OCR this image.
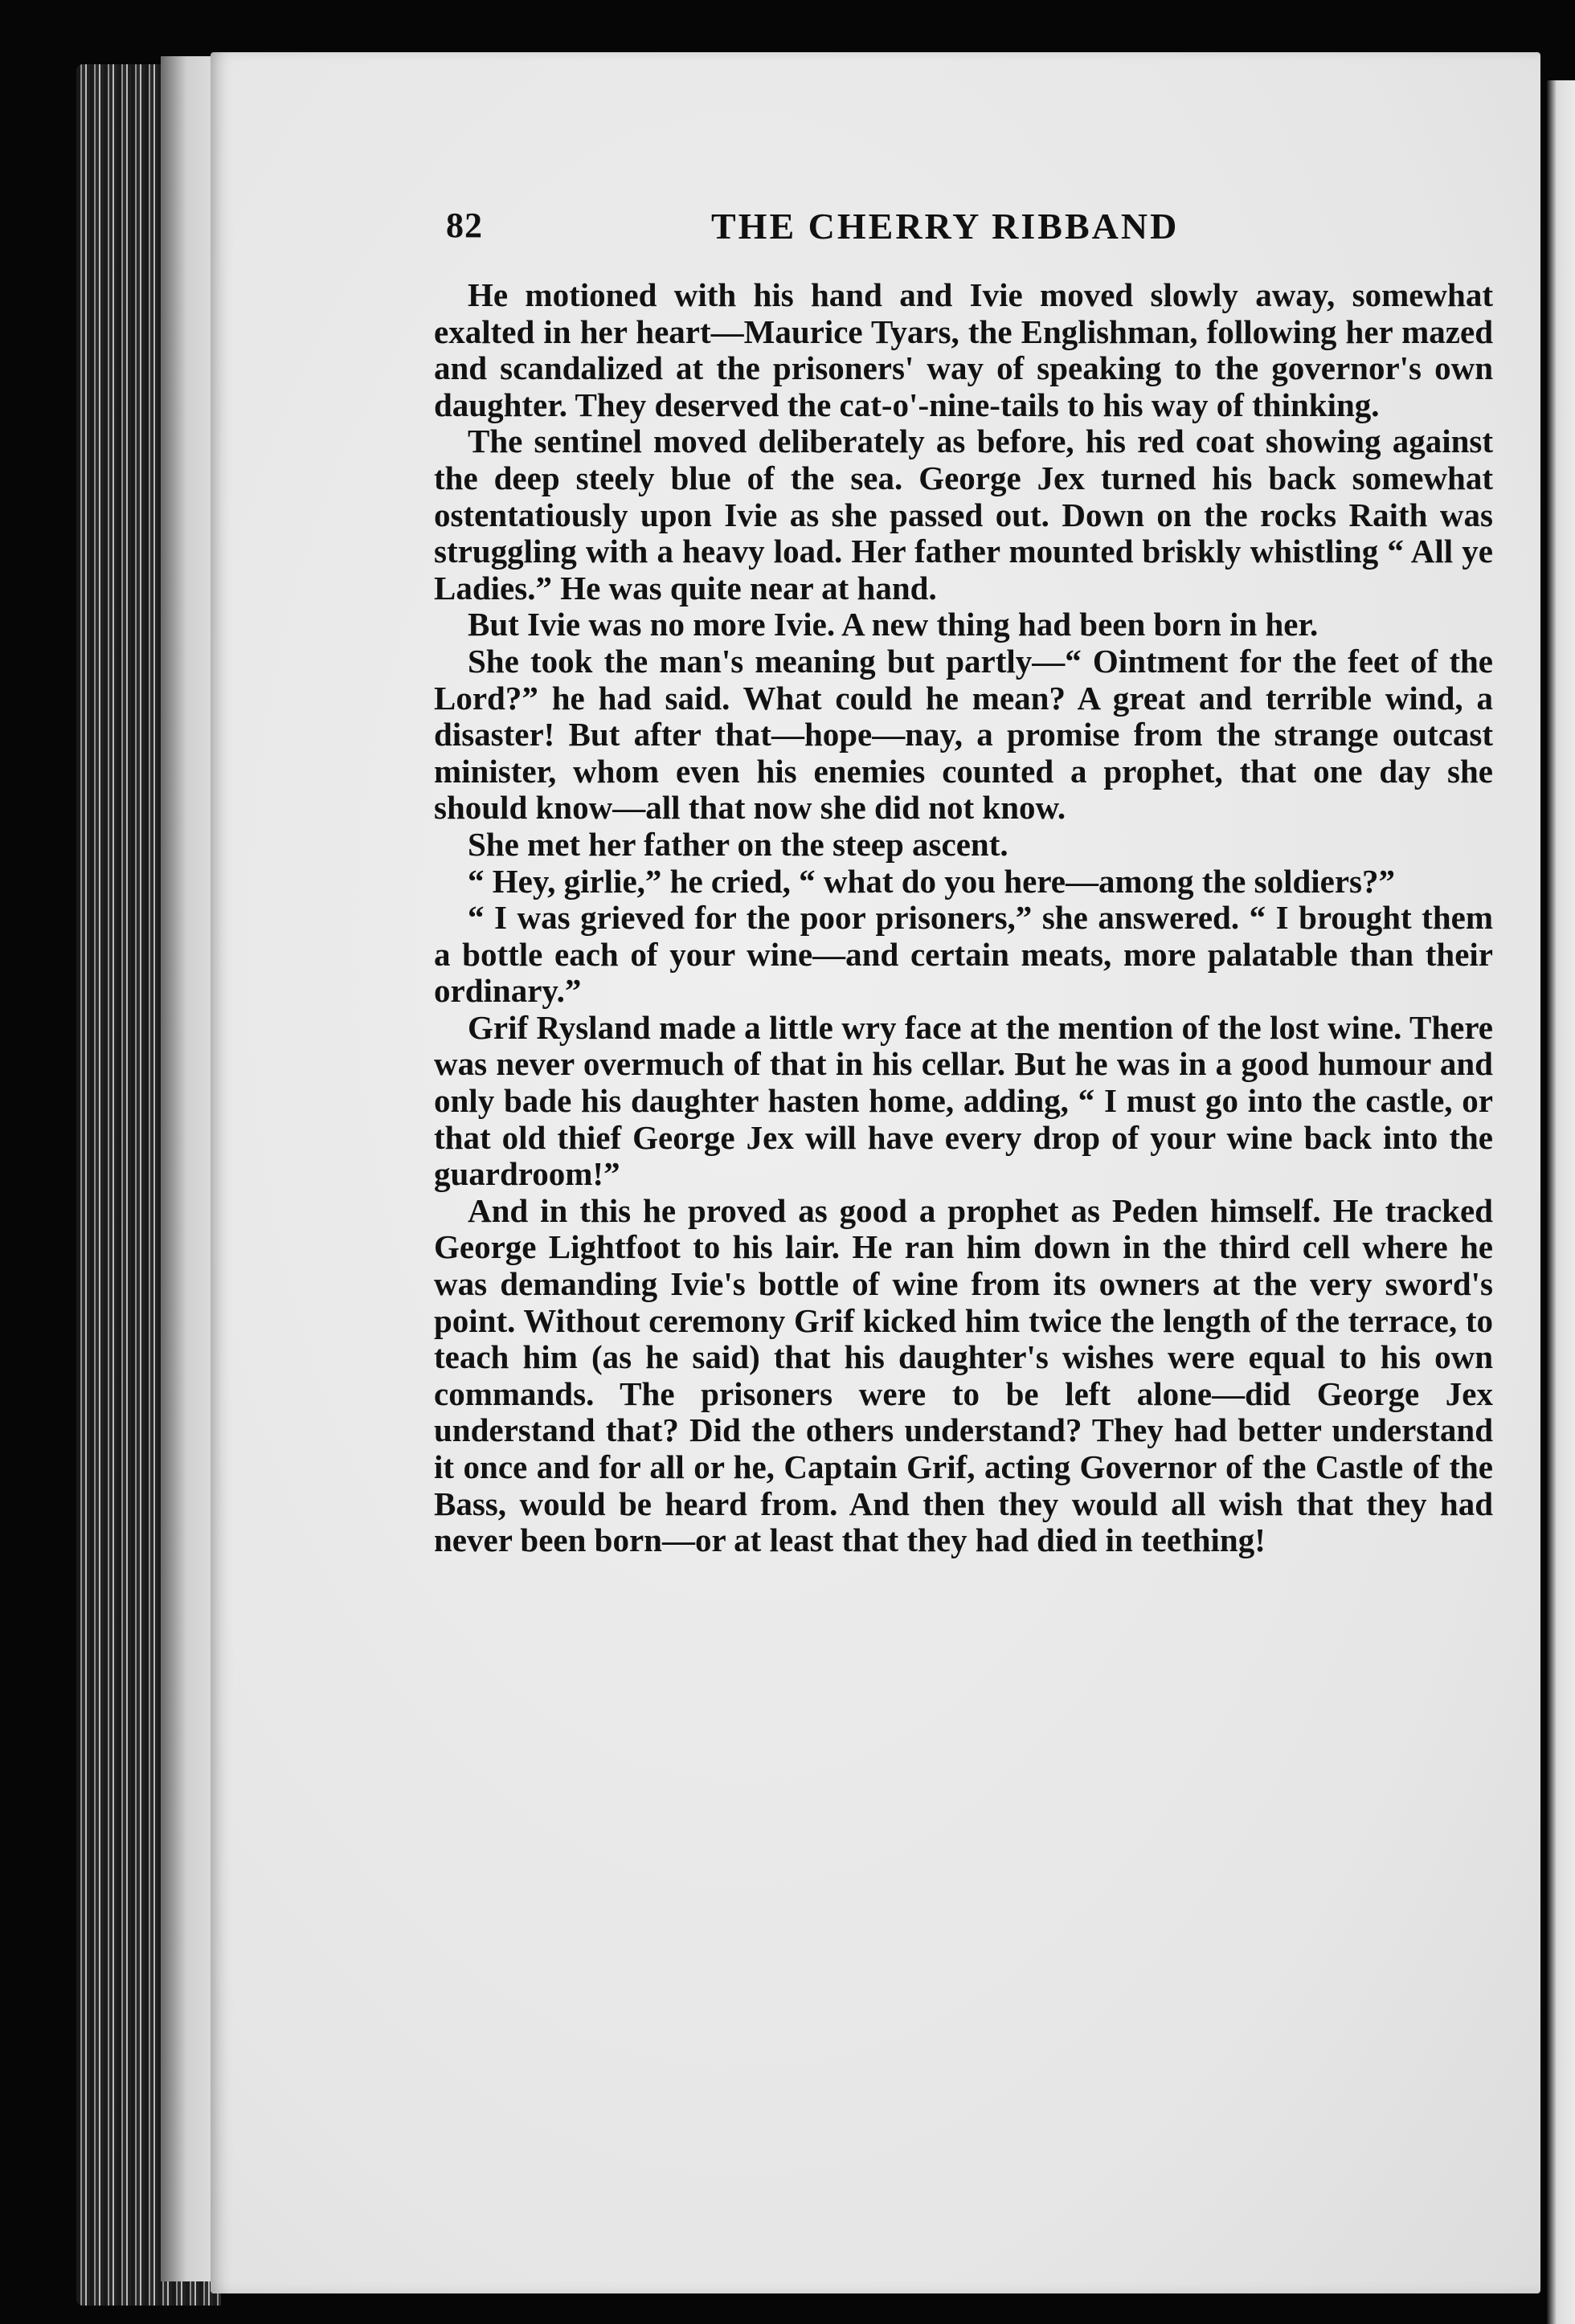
82	THE CHERRY RIBBAND

He motioned with his hand and Ivie moved slowly away, somewhat exalted in her heart—Maurice Tyars, the Englishman, following her mazed and scandalized at the prisoners' way of speaking to the governor's own daughter. They deserved the cat-o'-nine-tails to his way of thinking.

The sentinel moved deliberately as before, his red coat showing against the deep steely blue of the sea. George Jex turned his back somewhat ostentatiously upon Ivie as she passed out. Down on the rocks Raith was struggling with a heavy load. Her father mounted briskly whistling “ All ye Ladies.” He was quite near at hand.

But Ivie was no more Ivie. A new thing had been born in her.

She took the man's meaning but partly—“ Ointment for the feet of the Lord?” he had said. What could he mean? A great and terrible wind, a disaster! But after that—hope—nay, a promise from the strange outcast minister, whom even his enemies counted a prophet, that one day she should know—all that now she did not know.

She met her father on the steep ascent.

“ Hey, girlie,” he cried, “ what do you here—among the soldiers?”

“ I was grieved for the poor prisoners,” she answered. “ I brought them a bottle each of your wine—and certain meats, more palatable than their ordinary.”

Grif Rysland made a little wry face at the mention of the lost wine. There was never overmuch of that in his cellar. But he was in a good humour and only bade his daughter hasten home, adding, “ I must go into the castle, or that old thief George Jex will have every drop of your wine back into the guardroom!”

And in this he proved as good a prophet as Peden himself. He tracked George Lightfoot to his lair. He ran him down in the third cell where he was demanding Ivie's bottle of wine from its owners at the very sword's point. Without ceremony Grif kicked him twice the length of the terrace, to teach him (as he said) that his daughter's wishes were equal to his own commands. The prisoners were to be left alone—did George Jex understand that? Did the others understand? They had better understand it once and for all or he, Captain Grif, acting Governor of the Castle of the Bass, would be heard from. And then they would all wish that they had never been born—or at least that they had died in teething!
